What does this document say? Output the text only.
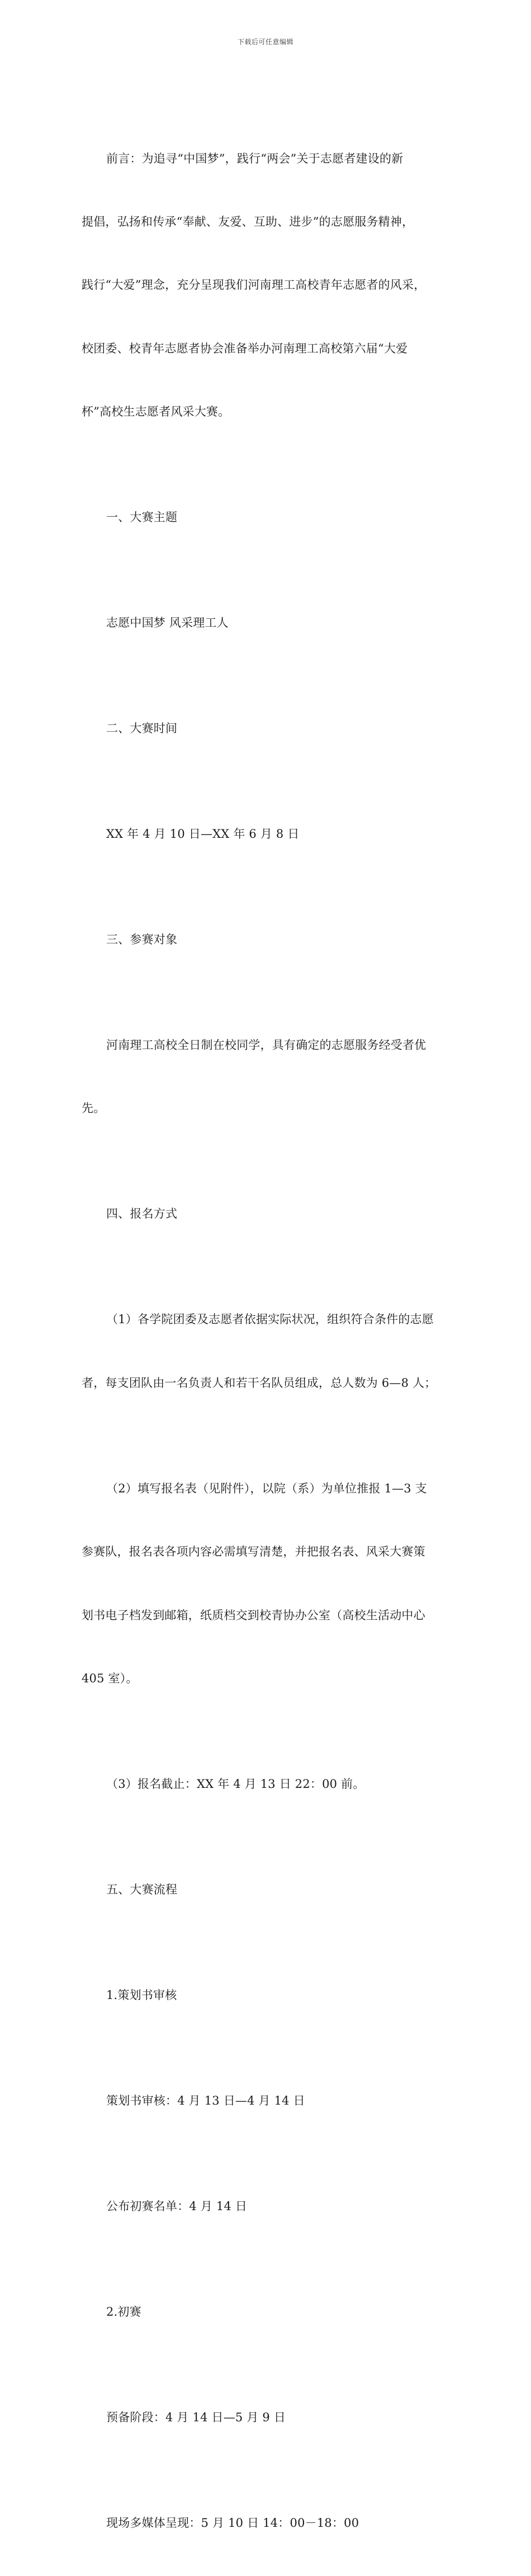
下载后可任意编辑

前言：为追寻“中国梦”，践行“两会”关于志愿者建设的新

提倡，弘扬和传承“奉献、友爱、互助、进步”的志愿服务精神，

践行“大爱”理念，充分呈现我们河南理工高校青年志愿者的风采，

校团委、校青年志愿者协会准备举办河南理工高校第六届“大爱

杯”高校生志愿者风采大赛。

一、大赛主题

志愿中国梦 风采理工人

二、大赛时间

XX 年 4 月 10 日—XX 年 6 月 8 日

三、参赛对象

河南理工高校全日制在校同学，具有确定的志愿服务经受者优

先。

四、报名方式

（1）各学院团委及志愿者依据实际状况，组织符合条件的志愿

者，每支团队由一名负责人和若干名队员组成，总人数为 6—8 人；

（2）填写报名表（见附件），以院（系）为单位推报 1—3 支

参赛队，报名表各项内容必需填写清楚，并把报名表、风采大赛策

划书电子档发到邮箱，纸质档交到校青协办公室（高校生活动中心

405 室）。

（3）报名截止：XX 年 4 月 13 日 22：00 前。

五、大赛流程

1.策划书审核

策划书审核：4 月 13 日—4 月 14 日

公布初赛名单：4 月 14 日

2.初赛

预备阶段：4 月 14 日—5 月 9 日

现场多媒体呈现：5 月 10 日 14：00－18：00
